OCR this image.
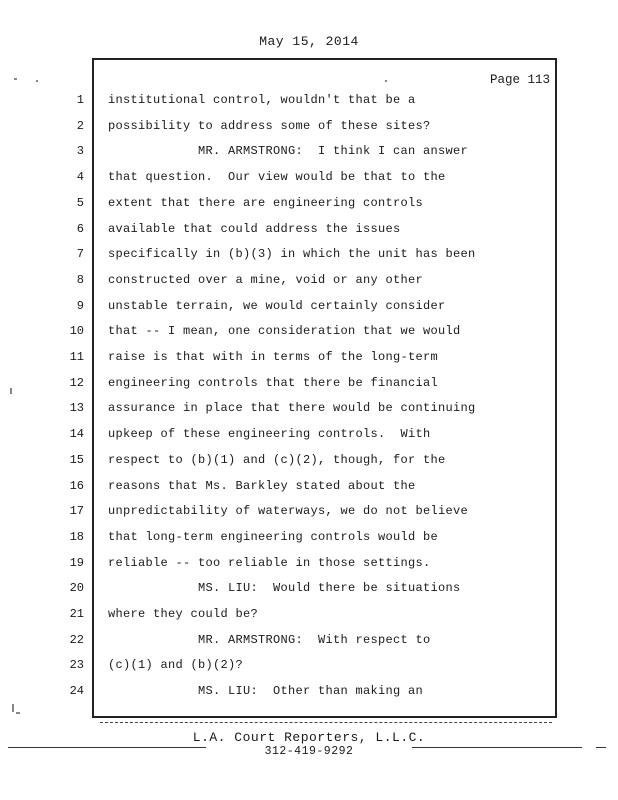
May 15, 2014
Page 113
1 institutional control, wouldn't that be a
2 possibility to address some of these sites?
3 MR. ARMSTRONG:  I think I can answer
4 that question.  Our view would be that to the
5 extent that there are engineering controls
6 available that could address the issues
7 specifically in (b)(3) in which the unit has been
8 constructed over a mine, void or any other
9 unstable terrain, we would certainly consider
10 that -- I mean, one consideration that we would
11 raise is that with in terms of the long-term
12 engineering controls that there be financial
13 assurance in place that there would be continuing
14 upkeep of these engineering controls.  With
15 respect to (b)(1) and (c)(2), though, for the
16 reasons that Ms. Barkley stated about the
17 unpredictability of waterways, we do not believe
18 that long-term engineering controls would be
19 reliable -- too reliable in those settings.
20 MS. LIU:  Would there be situations
21 where they could be?
22 MR. ARMSTRONG:  With respect to
23 (c)(1) and (b)(2)?
24 MS. LIU:  Other than making an
L.A. Court Reporters, L.L.C.
312-419-9292
